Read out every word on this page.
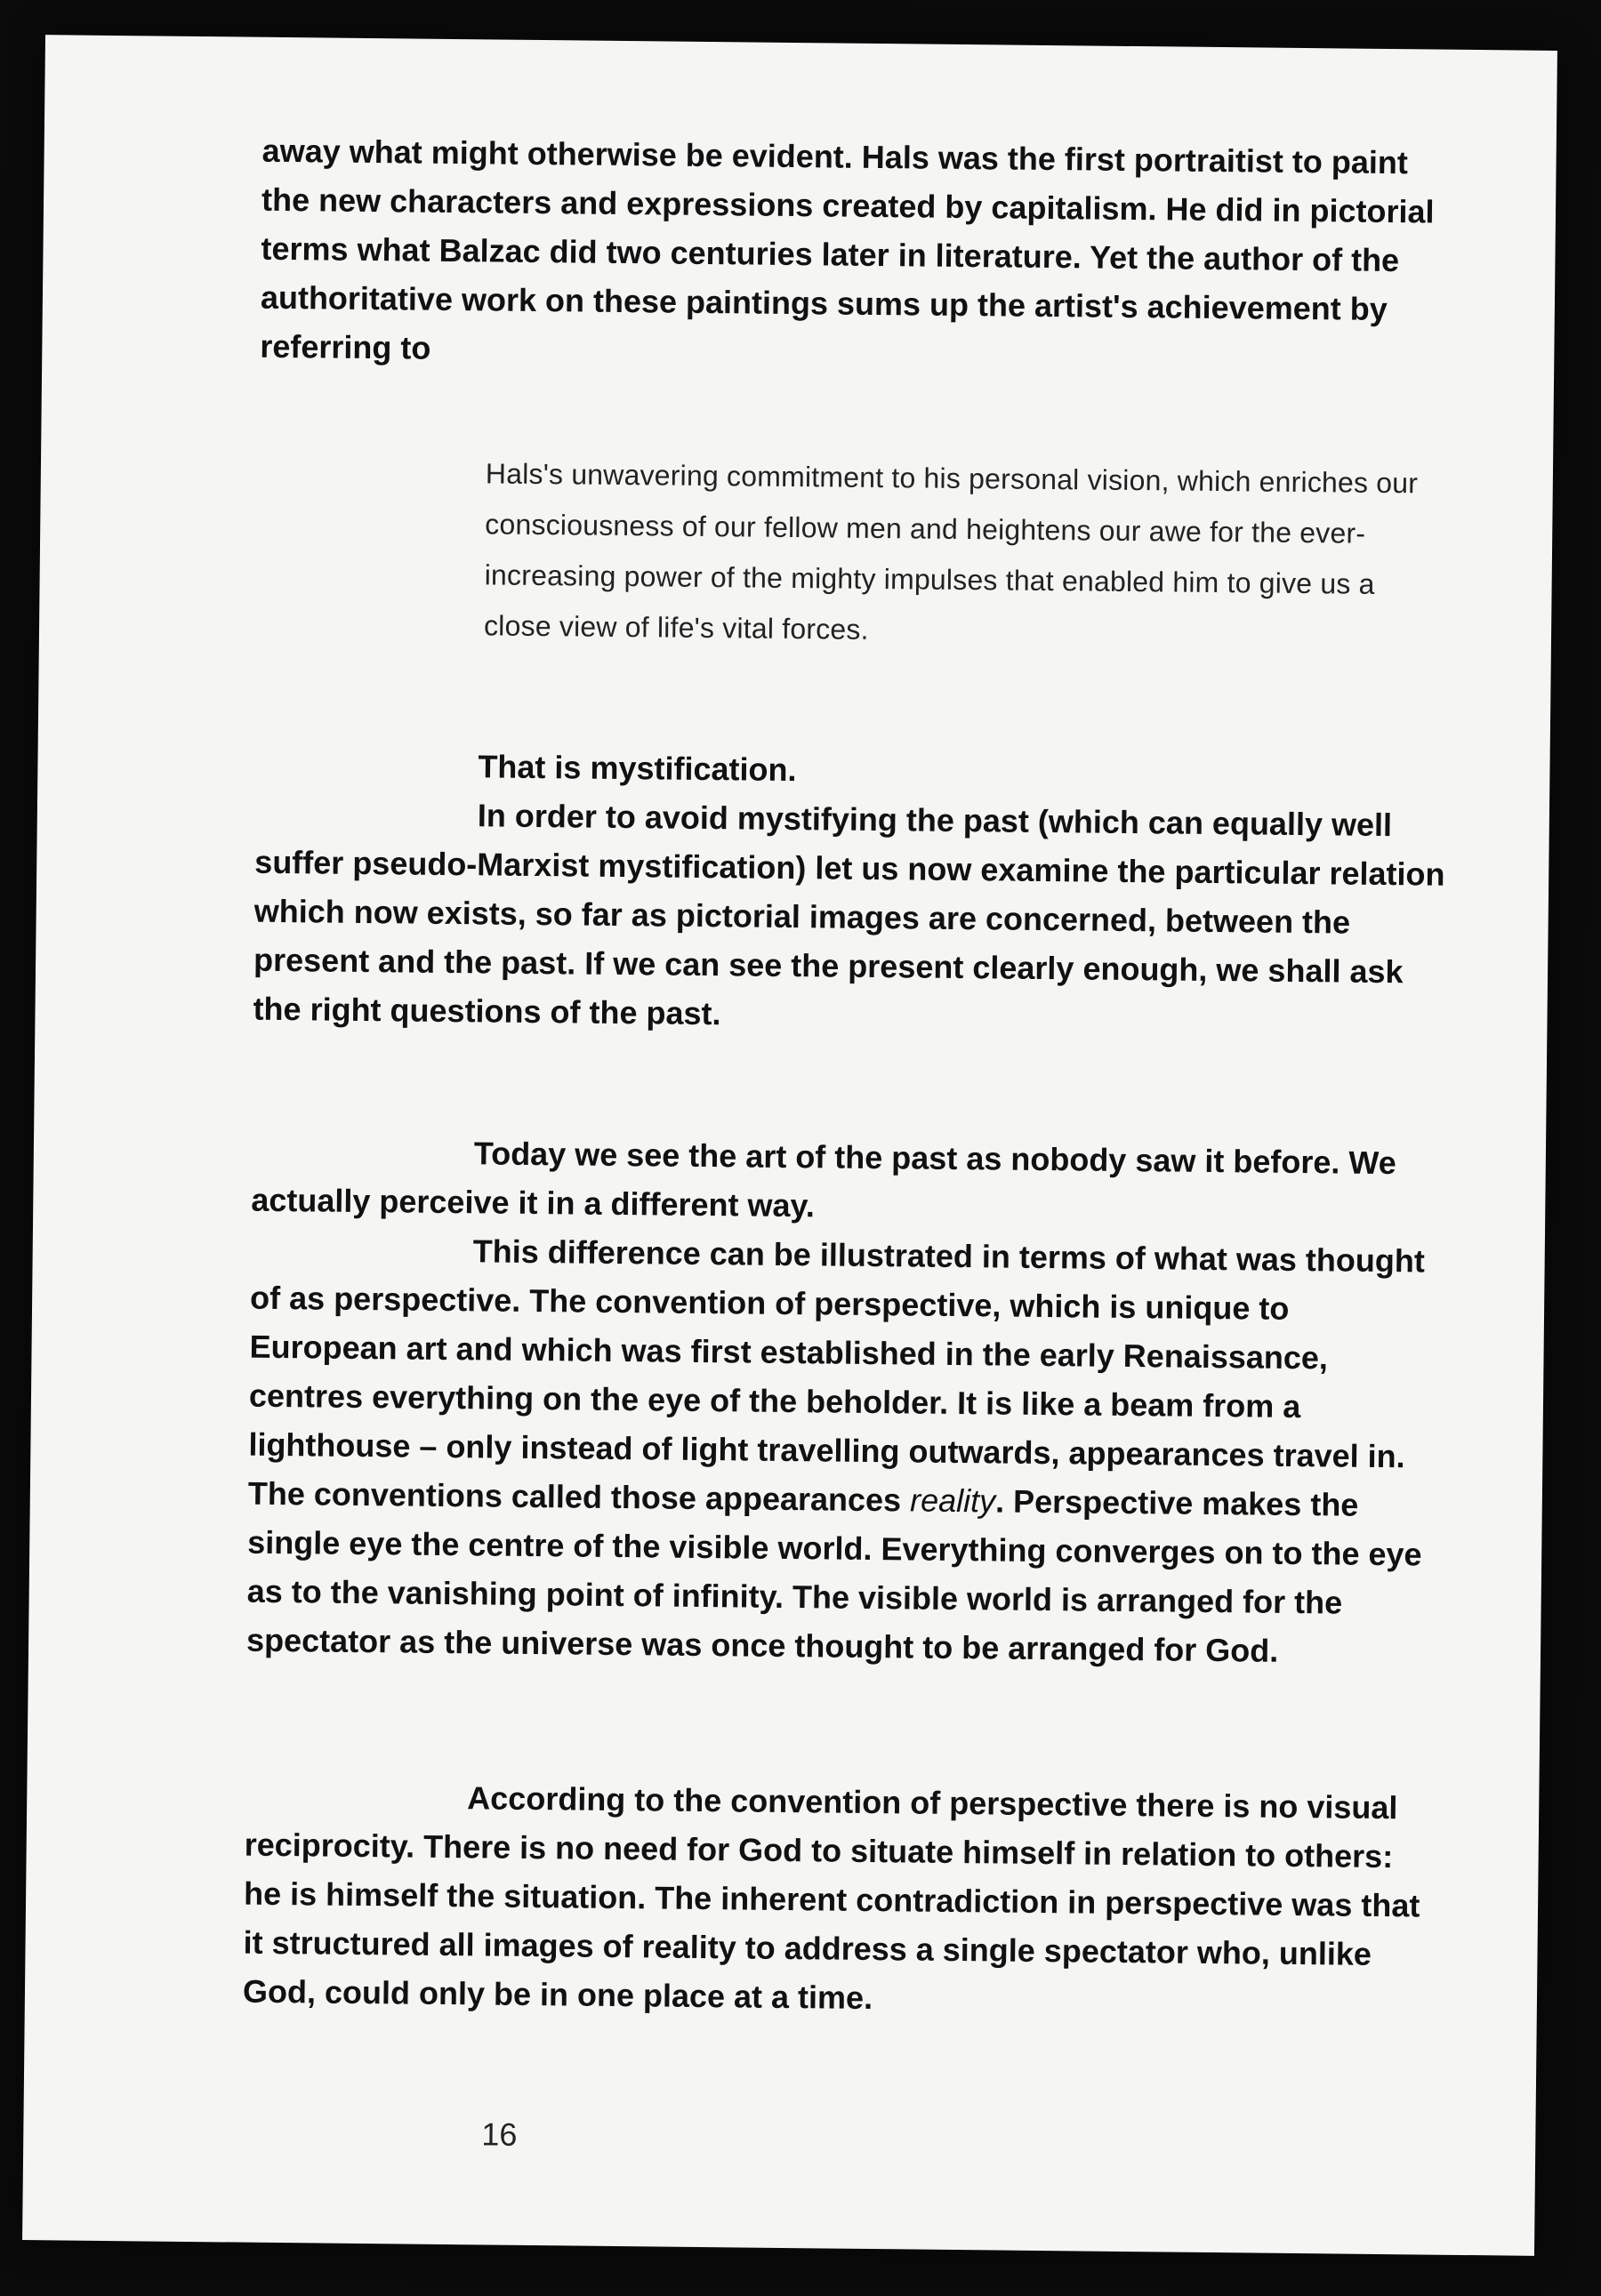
away what might otherwise be evident. Hals was the first portraitist to paint the new characters and expressions created by capitalism. He did in pictorial terms what Balzac did two centuries later in literature. Yet the author of the authoritative work on these paintings sums up the artist's achievement by referring to

Hals's unwavering commitment to his personal vision, which enriches our consciousness of our fellow men and heightens our awe for the ever-increasing power of the mighty impulses that enabled him to give us a close view of life's vital forces.

That is mystification.

In order to avoid mystifying the past (which can equally well suffer pseudo-Marxist mystification) let us now examine the particular relation which now exists, so far as pictorial images are concerned, between the present and the past. If we can see the present clearly enough, we shall ask the right questions of the past.

Today we see the art of the past as nobody saw it before. We actually perceive it in a different way.

This difference can be illustrated in terms of what was thought of as perspective. The convention of perspective, which is unique to European art and which was first established in the early Renaissance, centres everything on the eye of the beholder. It is like a beam from a lighthouse – only instead of light travelling outwards, appearances travel in. The conventions called those appearances reality. Perspective makes the single eye the centre of the visible world. Everything converges on to the eye as to the vanishing point of infinity. The visible world is arranged for the spectator as the universe was once thought to be arranged for God.

According to the convention of perspective there is no visual reciprocity. There is no need for God to situate himself in relation to others: he is himself the situation. The inherent contradiction in perspective was that it structured all images of reality to address a single spectator who, unlike God, could only be in one place at a time.

16
